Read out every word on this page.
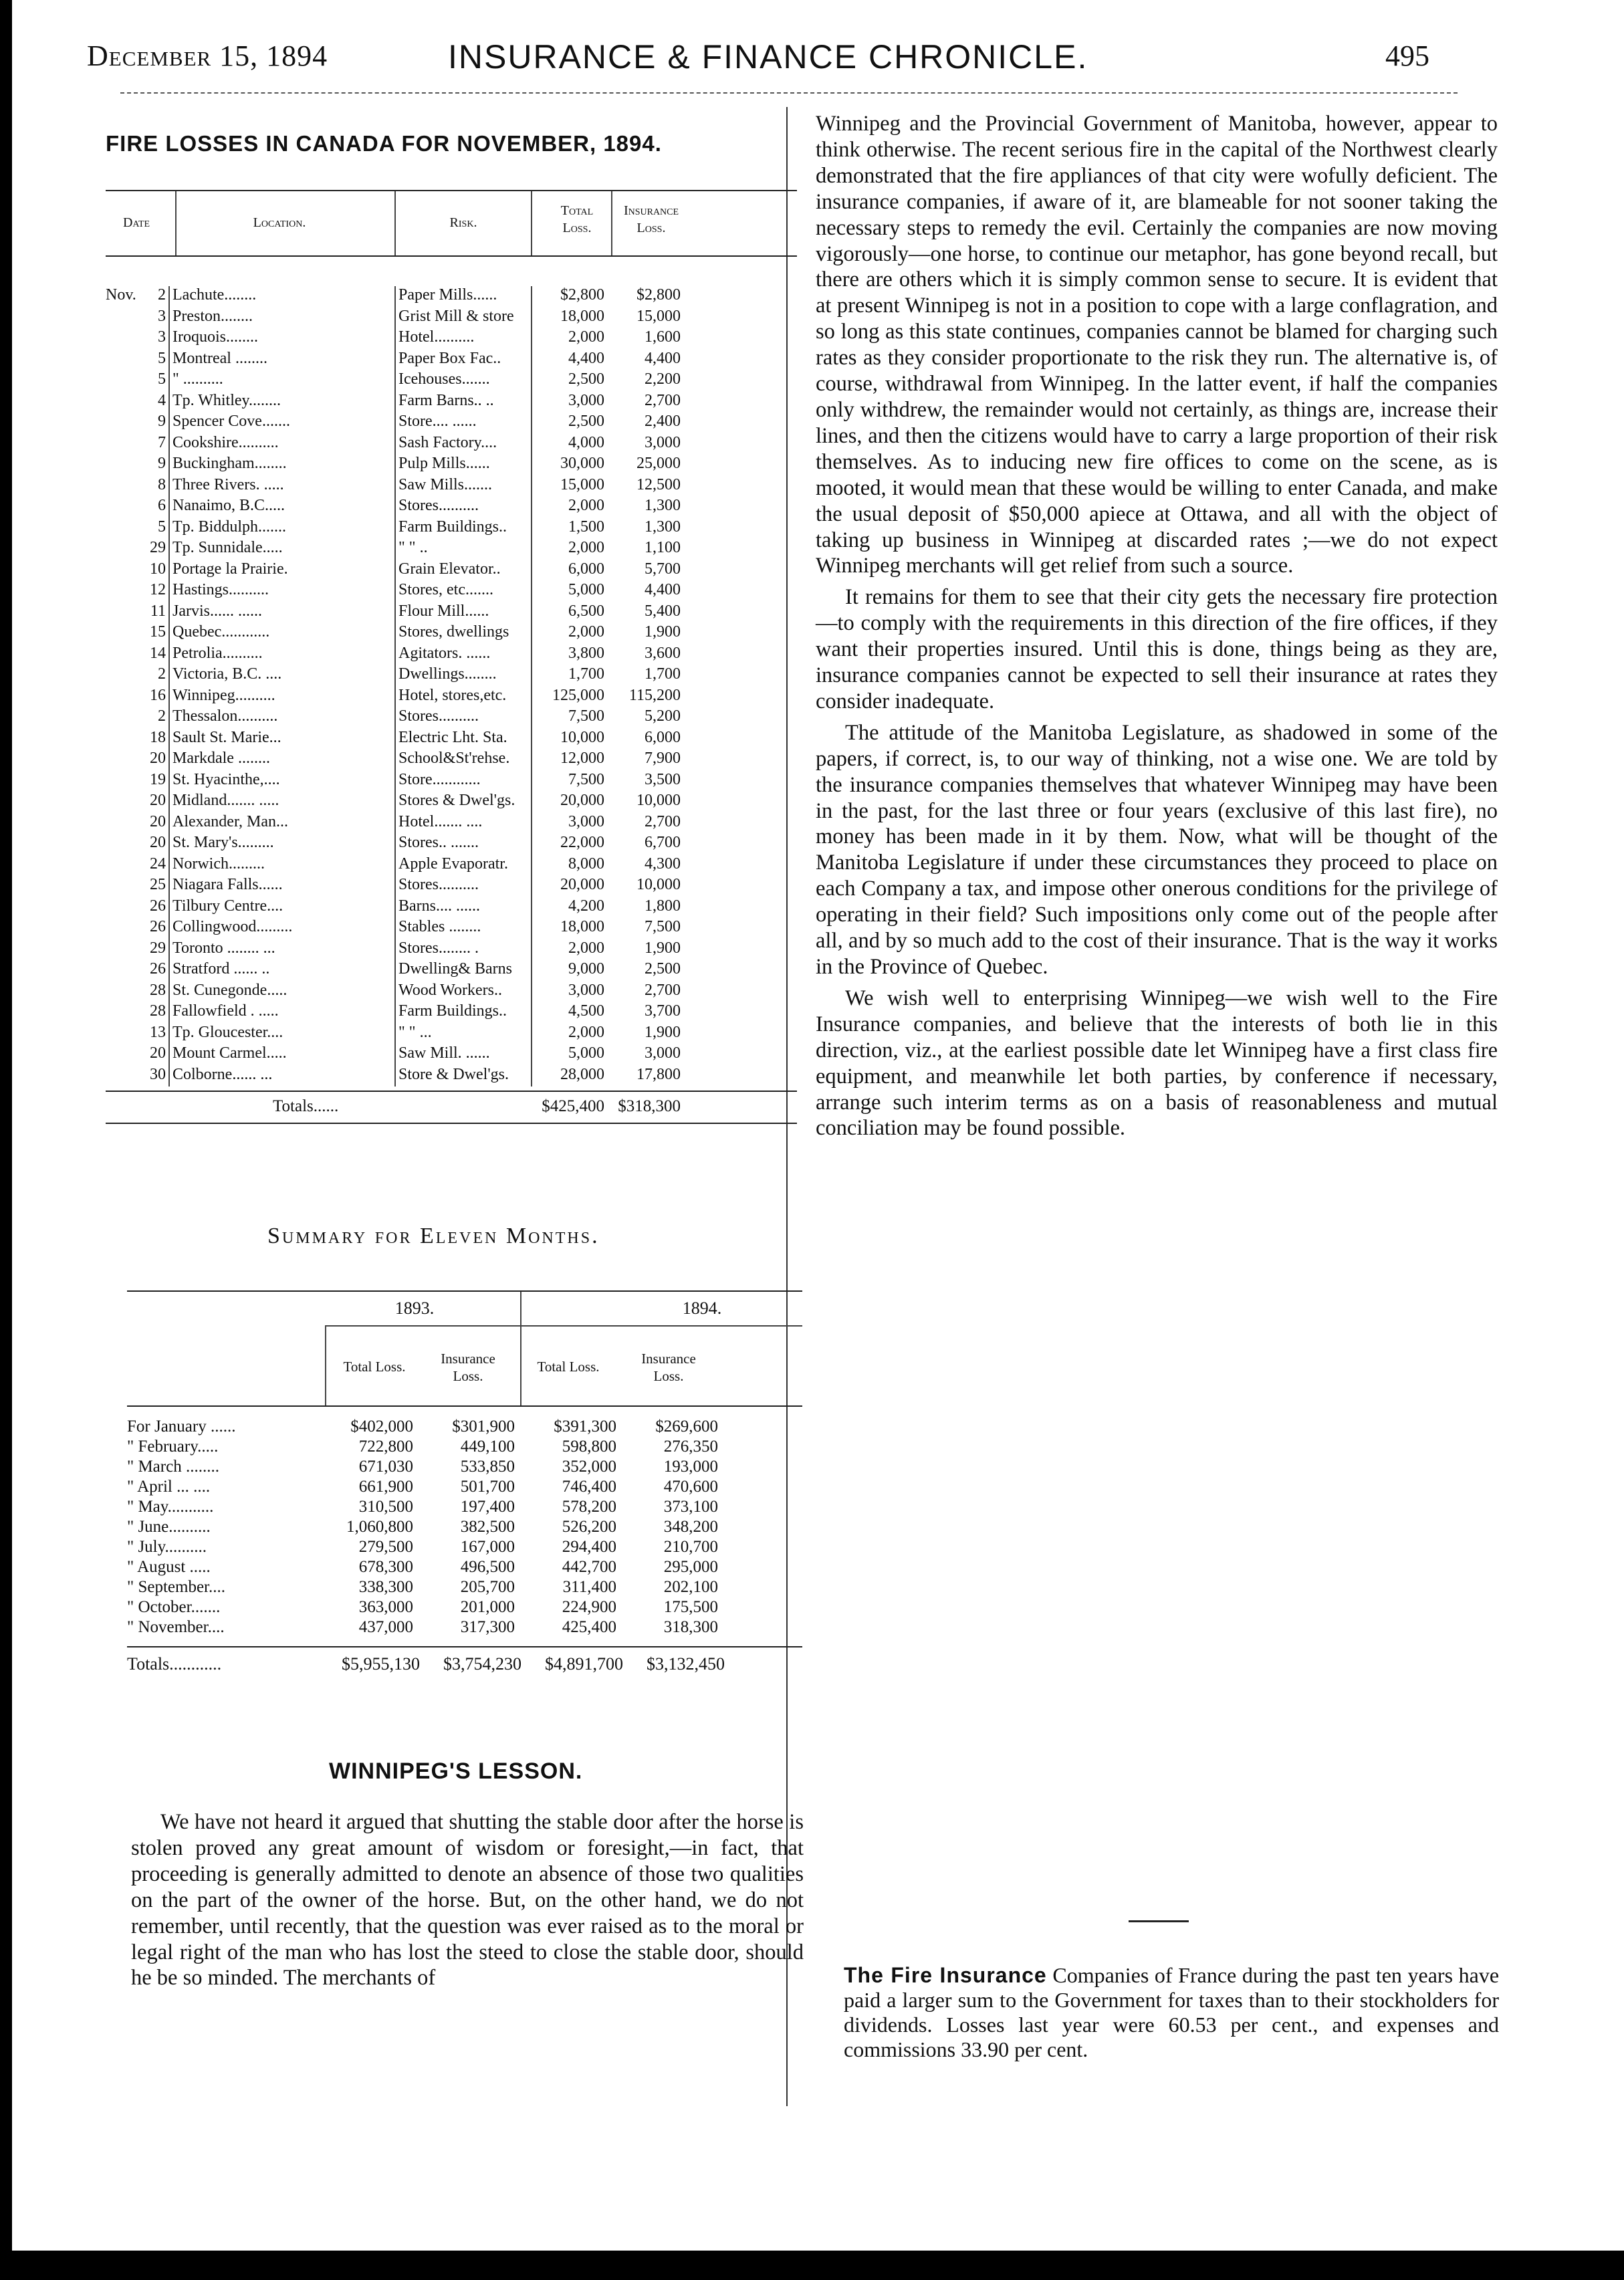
December 15, 1894	INSURANCE & FINANCE CHRONICLE.	495
FIRE LOSSES IN CANADA FOR NOVEMBER, 1894.
Date	Location.	Risk.
Total
Loss.
Insurance
Loss.
Nov.	2 Lachute........	Paper Mills......	$2,800	$2,800
3 Preston........	Grist Mill & store	18,000	15,000
3 Iroquois........	Hotel..........	2,000	1,600
5 Montreal ........	Paper Box Fac..	4,400	4,400
5 " ..........	Icehouses.......	2,500	2,200
4 Tp. Whitley........	Farm Barns.. ..	3,000	2,700
9 Spencer Cove.......	Store.... ......	2,500	2,400
7 Cookshire..........	Sash Factory....	4,000	3,000
9 Buckingham........	Pulp Mills......	30,000	25,000
8 Three Rivers. .....	Saw Mills.......	15,000	12,500
6 Nanaimo, B.C.....	Stores..........	2,000	1,300
5 Tp. Biddulph.......	Farm Buildings..	1,500	1,300
29 Tp. Sunnidale.....	" " ..	2,000	1,100
10 Portage la Prairie.	Grain Elevator..	6,000	5,700
12 Hastings..........	Stores, etc.......	5,000	4,400
11 Jarvis...... ......	Flour Mill......	6,500	5,400
15 Quebec............	Stores, dwellings	2,000	1,900
14 Petrolia..........	Agitators. ......	3,800	3,600
2 Victoria, B.C. ....	Dwellings........	1,700	1,700
16 Winnipeg..........	Hotel, stores,etc.	125,000	115,200
2 Thessalon..........	Stores..........	7,500	5,200
18 Sault St. Marie...	Electric Lht. Sta.	10,000	6,000
20 Markdale ........	School&St'rehse.	12,000	7,900
19 St. Hyacinthe,....	Store............	7,500	3,500
20 Midland....... .....	Stores & Dwel'gs.	20,000	10,000
20 Alexander, Man...	Hotel....... ....	3,000	2,700
20 St. Mary's.........	Stores.. .......	22,000	6,700
24 Norwich.........	Apple Evaporatr.	8,000	4,300
25 Niagara Falls......	Stores..........	20,000	10,000
26 Tilbury Centre....	Barns.... ......	4,200	1,800
26 Collingwood.........	Stables ........	18,000	7,500
29 Toronto ........ ...	Stores........ .	2,000	1,900
26 Stratford ...... ..	Dwelling& Barns	9,000	2,500
28 St. Cunegonde.....	Wood Workers..	3,000	2,700
28 Fallowfield . .....	Farm Buildings..	4,500	3,700
13 Tp. Gloucester....	" " ...	2,000	1,900
20 Mount Carmel.....	Saw Mill. ......	5,000	3,000
30 Colborne...... ...	Store & Dwel'gs.	28,000	17,800
Totals......	$425,400 $318,300
Summary for Eleven Months.
1893.	1894.
Total Loss.	Insurance
Loss.
Total Loss.	Insurance
Loss.
For January ......	$402,000	$301,900	$391,300	$269,600
" February.....	722,800	449,100	598,800	276,350
" March ........	671,030	533,850	352,000	193,000
" April ... ....	661,900	501,700	746,400	470,600
" May...........	310,500	197,400	578,200	373,100
" June..........	1,060,800	382,500	526,200	348,200
" July..........	279,500	167,000	294,400	210,700
" August .....	678,300	496,500	442,700	295,000
" September....	338,300	205,700	311,400	202,100
" October.......	363,000	201,000	224,900	175,500
" November....	437,000	317,300	425,400	318,300
Totals............	$5,955,130	$3,754,230	$4,891,700	$3,132,450
WINNIPEG'S LESSON.

We have not heard it argued that shutting the stable door after the horse is stolen proved any great amount of wisdom or foresight,—in fact, that proceeding is generally admitted to denote an absence of those two qualities on the part of the owner of the horse. But, on the other hand, we do not remember, until recently, that the question was ever raised as to the moral or legal right of the man who has lost the steed to close the stable door, should he be so minded. The merchants of

Winnipeg and the Provincial Government of Manitoba, however, appear to think otherwise. The recent serious fire in the capital of the Northwest clearly demonstrated that the fire appliances of that city were wofully deficient. The insurance companies, if aware of it, are blameable for not sooner taking the necessary steps to remedy the evil. Certainly the companies are now moving vigorously—one horse, to continue our metaphor, has gone beyond recall, but there are others which it is simply common sense to secure. It is evident that at present Winnipeg is not in a position to cope with a large conflagration, and so long as this state continues, companies cannot be blamed for charging such rates as they consider proportionate to the risk they run. The alternative is, of course, withdrawal from Winnipeg. In the latter event, if half the companies only withdrew, the remainder would not certainly, as things are, increase their lines, and then the citizens would have to carry a large proportion of their risk themselves. As to inducing new fire offices to come on the scene, as is mooted, it would mean that these would be willing to enter Canada, and make the usual deposit of $50,000 apiece at Ottawa, and all with the object of taking up business in Winnipeg at discarded rates ;—we do not expect Winnipeg merchants will get relief from such a source.

It remains for them to see that their city gets the necessary fire protection—to comply with the requirements in this direction of the fire offices, if they want their properties insured. Until this is done, things being as they are, insurance companies cannot be expected to sell their insurance at rates they consider inadequate.

The attitude of the Manitoba Legislature, as shadowed in some of the papers, if correct, is, to our way of thinking, not a wise one. We are told by the insurance companies themselves that whatever Winnipeg may have been in the past, for the last three or four years (exclusive of this last fire), no money has been made in it by them. Now, what will be thought of the Manitoba Legislature if under these circumstances they proceed to place on each Company a tax, and impose other onerous conditions for the privilege of operating in their field? Such impositions only come out of the people after all, and by so much add to the cost of their insurance. That is the way it works in the Province of Quebec.

We wish well to enterprising Winnipeg—we wish well to the Fire Insurance companies, and believe that the interests of both lie in this direction, viz., at the earliest possible date let Winnipeg have a first class fire equipment, and meanwhile let both parties, by conference if necessary, arrange such interim terms as on a basis of reasonableness and mutual conciliation may be found possible.

The Fire Insurance Companies of France during the past ten years have paid a larger sum to the Government for taxes than to their stockholders for dividends. Losses last year were 60.53 per cent., and expenses and commissions 33.90 per cent.
